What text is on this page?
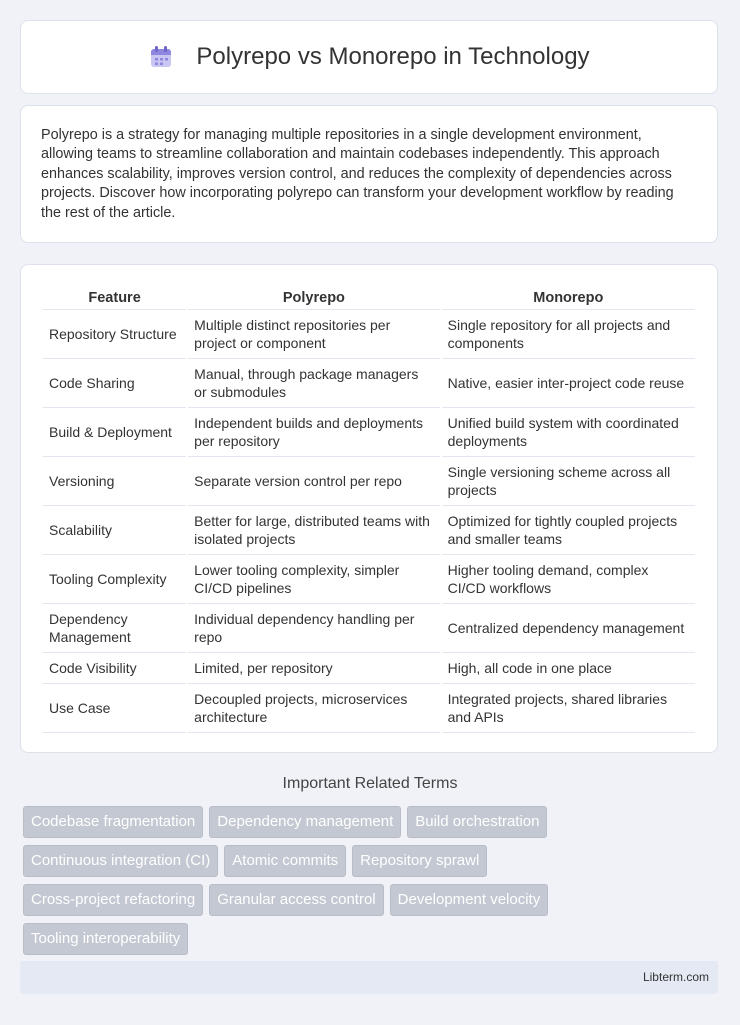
Polyrepo vs Monorepo in Technology

Polyrepo is a strategy for managing multiple repositories in a single development environment, allowing teams to streamline collaboration and maintain codebases independently. This approach enhances scalability, improves version control, and reduces the complexity of dependencies across projects. Discover how incorporating polyrepo can transform your development workflow by reading the rest of the article.

Feature	Polyrepo	Monorepo
Repository Structure	Multiple distinct repositories per project or component	Single repository for all projects and components
Code Sharing	Manual, through package managers or submodules	Native, easier inter-project code reuse
Build & Deployment	Independent builds and deployments per repository	Unified build system with coordinated deployments
Versioning	Separate version control per repo	Single versioning scheme across all projects
Scalability	Better for large, distributed teams with isolated projects	Optimized for tightly coupled projects and smaller teams
Tooling Complexity	Lower tooling complexity, simpler CI/CD pipelines	Higher tooling demand, complex CI/CD workflows
Dependency Management	Individual dependency handling per repo	Centralized dependency management
Code Visibility	Limited, per repository	High, all code in one place
Use Case	Decoupled projects, microservices architecture	Integrated projects, shared libraries and APIs
Important Related Terms
Codebase fragmentation	Dependency management	Build orchestration
Continuous integration (CI)	Atomic commits	Repository sprawl
Cross-project refactoring	Granular access control	Development velocity
Tooling interoperability
Libterm.com
